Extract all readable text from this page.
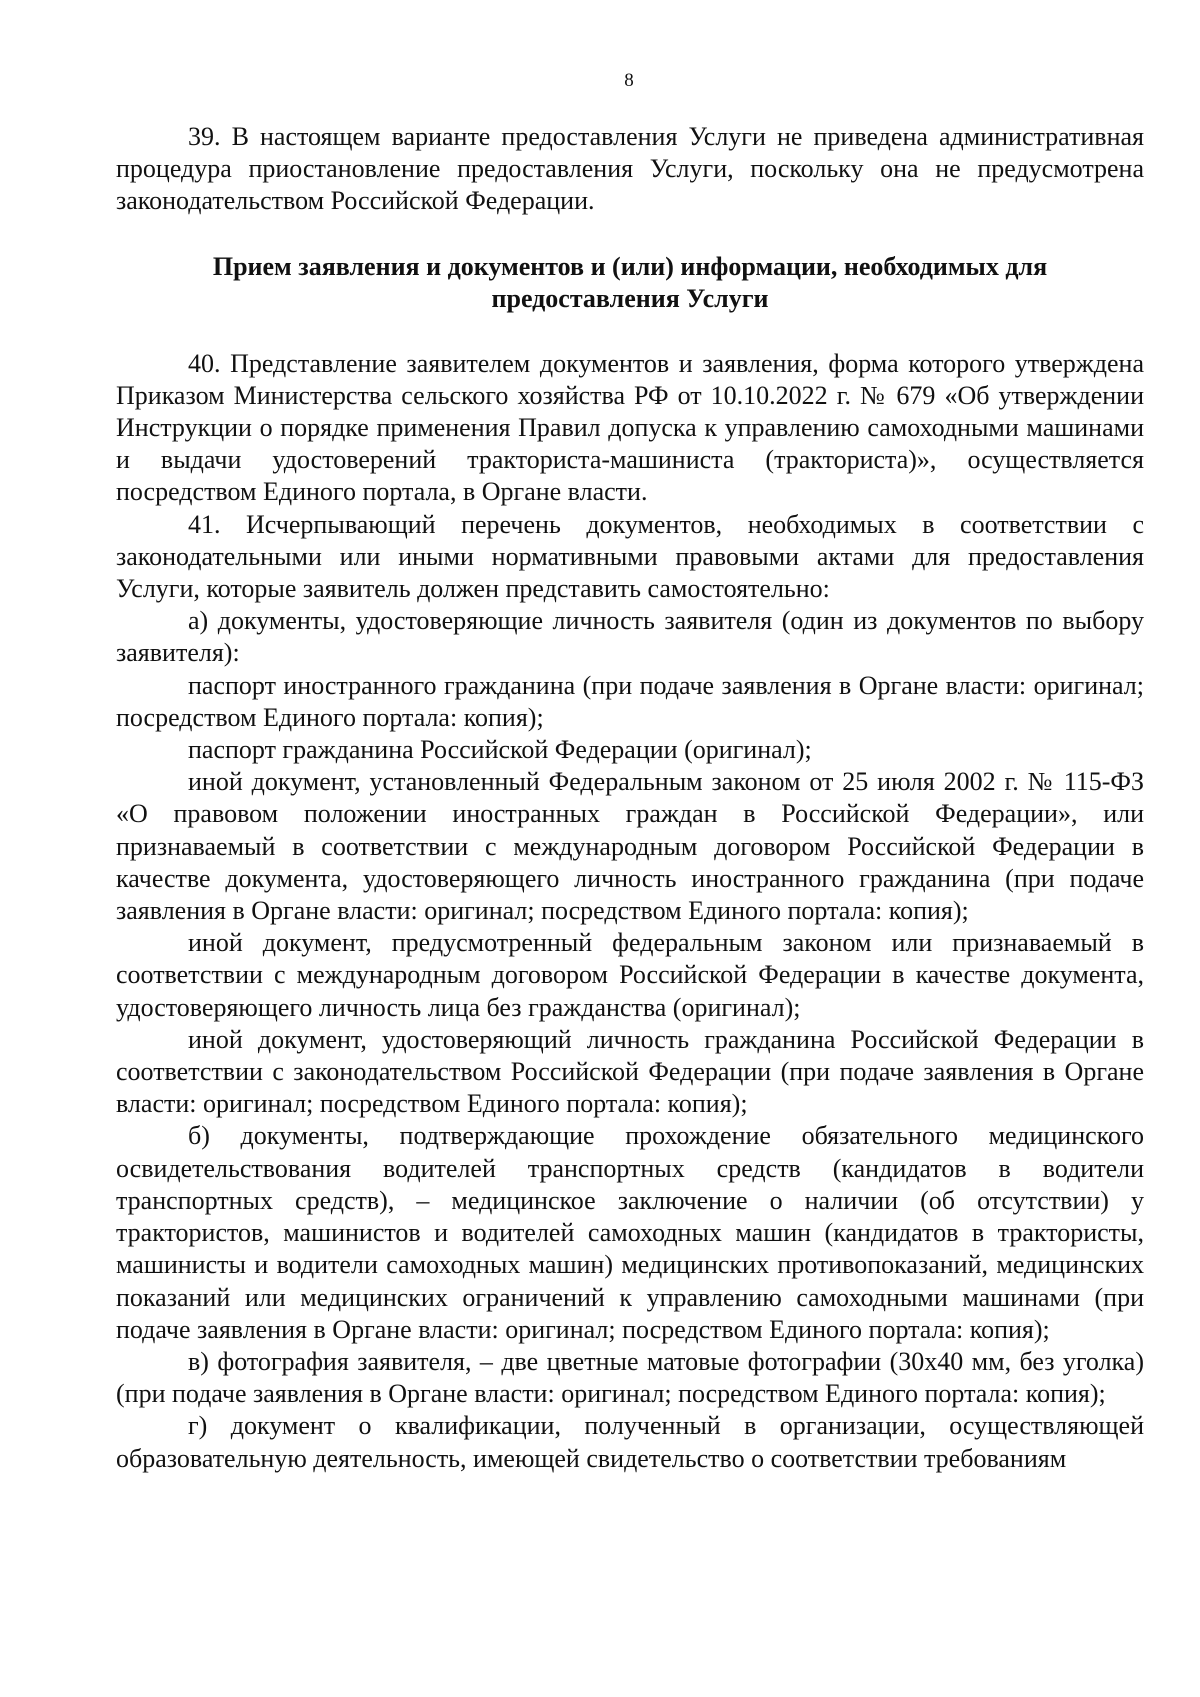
8

39. В настоящем варианте предоставления Услуги не приведена административная процедура приостановление предоставления Услуги, поскольку она не предусмотрена законодательством Российской Федерации.

Прием заявления и документов и (или) информации, необходимых для предоставления Услуги

40. Представление заявителем документов и заявления, форма которого утверждена Приказом Министерства сельского хозяйства РФ от 10.10.2022 г. № 679 «Об утверждении Инструкции о порядке применения Правил допуска к управлению самоходными машинами и выдачи удостоверений тракториста-машиниста (тракториста)», осуществляется посредством Единого портала, в Органе власти.

41. Исчерпывающий перечень документов, необходимых в соответствии с законодательными или иными нормативными правовыми актами для предоставления Услуги, которые заявитель должен представить самостоятельно:

а) документы, удостоверяющие личность заявителя (один из документов по выбору заявителя):

паспорт иностранного гражданина (при подаче заявления в Органе власти: оригинал; посредством Единого портала: копия);

паспорт гражданина Российской Федерации (оригинал);

иной документ, установленный Федеральным законом от 25 июля 2002 г. № 115-ФЗ «О правовом положении иностранных граждан в Российской Федерации», или признаваемый в соответствии с международным договором Российской Федерации в качестве документа, удостоверяющего личность иностранного гражданина (при подаче заявления в Органе власти: оригинал; посредством Единого портала: копия);

иной документ, предусмотренный федеральным законом или признаваемый в соответствии с международным договором Российской Федерации в качестве документа, удостоверяющего личность лица без гражданства (оригинал);

иной документ, удостоверяющий личность гражданина Российской Федерации в соответствии с законодательством Российской Федерации (при подаче заявления в Органе власти: оригинал; посредством Единого портала: копия);

б) документы, подтверждающие прохождение обязательного медицинского освидетельствования водителей транспортных средств (кандидатов в водители транспортных средств), – медицинское заключение о наличии (об отсутствии) у трактористов, машинистов и водителей самоходных машин (кандидатов в трактористы, машинисты и водители самоходных машин) медицинских противопоказаний, медицинских показаний или медицинских ограничений к управлению самоходными машинами (при подаче заявления в Органе власти: оригинал; посредством Единого портала: копия);

в) фотография заявителя, – две цветные матовые фотографии (30x40 мм, без уголка) (при подаче заявления в Органе власти: оригинал; посредством Единого портала: копия);

г) документ о квалификации, полученный в организации, осуществляющей образовательную деятельность, имеющей свидетельство о соответствии требованиям
